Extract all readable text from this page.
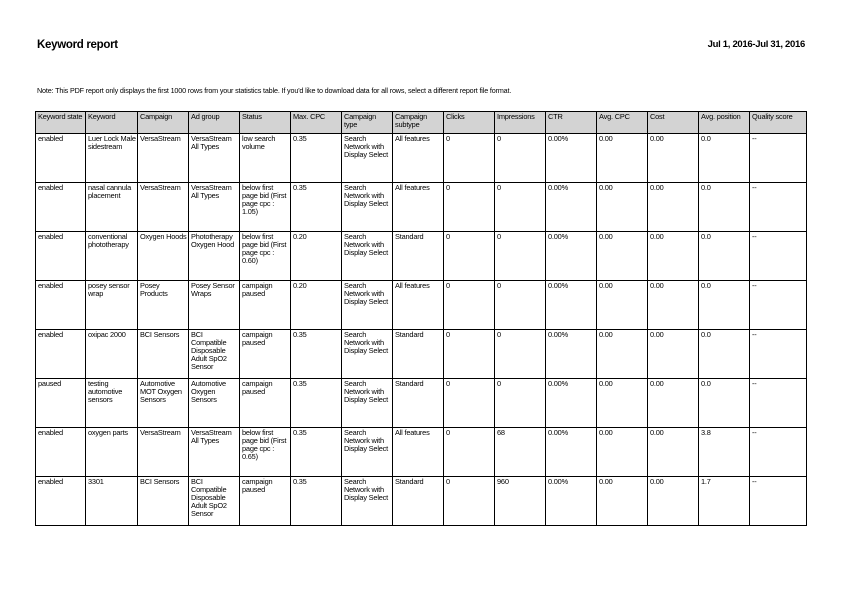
Keyword report	Jul 1, 2016-Jul 31, 2016
Note: This PDF report only displays the first 1000 rows from your statistics table. If you'd like to download data for all rows, select a different report file format.
Keyword state	Keyword	Campaign	Ad group	Status	Max. CPC	Campaign type	Campaign subtype	Clicks	Impressions	CTR	Avg. CPC	Cost	Avg. position	Quality score
enabled	Luer Lock Male sidestream	VersaStream	VersaStream All Types	low search volume	0.35	Search Network with Display Select	All features	0	0	0.00%	0.00	0.00	0.0	--
enabled	nasal cannula placement	VersaStream	VersaStream All Types	below first page bid (First page cpc : 1.05)	0.35	Search Network with Display Select	All features	0	0	0.00%	0.00	0.00	0.0	--
enabled	conventional phototherapy	Oxygen Hoods	Phototherapy Oxygen Hood	below first page bid (First page cpc : 0.60)	0.20	Search Network with Display Select	Standard	0	0	0.00%	0.00	0.00	0.0	--
enabled	posey sensor wrap	Posey Products	Posey Sensor Wraps	campaign paused	0.20	Search Network with Display Select	All features	0	0	0.00%	0.00	0.00	0.0	--
enabled	oxipac 2000	BCI Sensors	BCI Compatible Disposable Adult SpO2 Sensor	campaign paused	0.35	Search Network with Display Select	Standard	0	0	0.00%	0.00	0.00	0.0	--
paused	testing automotive sensors	Automotive MOT Oxygen Sensors	Automotive Oxygen Sensors	campaign paused	0.35	Search Network with Display Select	Standard	0	0	0.00%	0.00	0.00	0.0	--
enabled	oxygen parts	VersaStream	VersaStream All Types	below first page bid (First page cpc : 0.65)	0.35	Search Network with Display Select	All features	0	68	0.00%	0.00	0.00	3.8	--
enabled	3301	BCI Sensors	BCI Compatible Disposable Adult SpO2 Sensor	campaign paused	0.35	Search Network with Display Select	Standard	0	960	0.00%	0.00	0.00	1.7	--
